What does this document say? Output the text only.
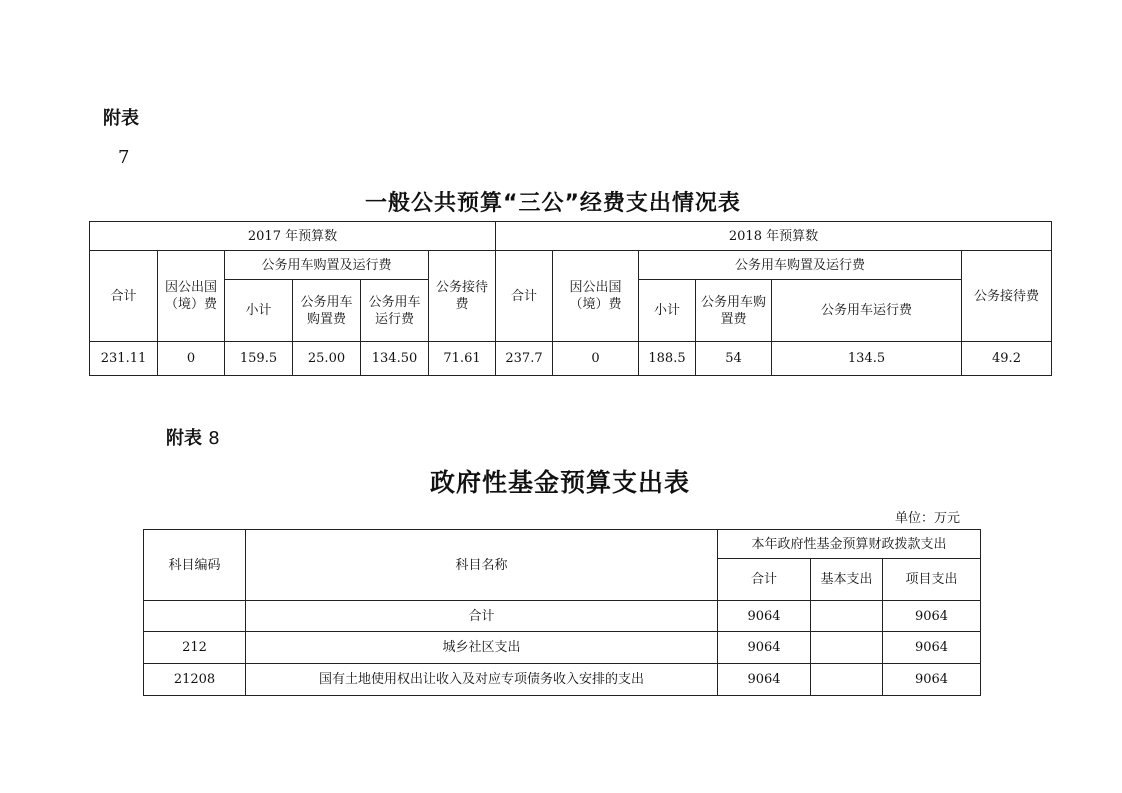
附表
7
一般公共预算“三公”经费支出情况表
2017 年预算数						2018 年预算数					
合计	因公出国（境）费	公务用车购置及运行费			公务接待费	合计	因公出国（境）费	公务用车购置及运行费			公务接待费
		小计	公务用车购置费	公务用车运行费				小计	公务用车购置费	公务用车运行费	
231.11	0	159.5	25.00	134.50	71.61	237.7	0	188.5	54	134.5	49.2
附表 8
政府性基金预算支出表
单位：万元
科目编码	科目名称	本年政府性基金预算财政拨款支出		
		合计	基本支出	项目支出
	合计	9064		9064
212	城乡社区支出	9064		9064
21208	国有土地使用权出让收入及对应专项债务收入安排的支出	9064		9064
